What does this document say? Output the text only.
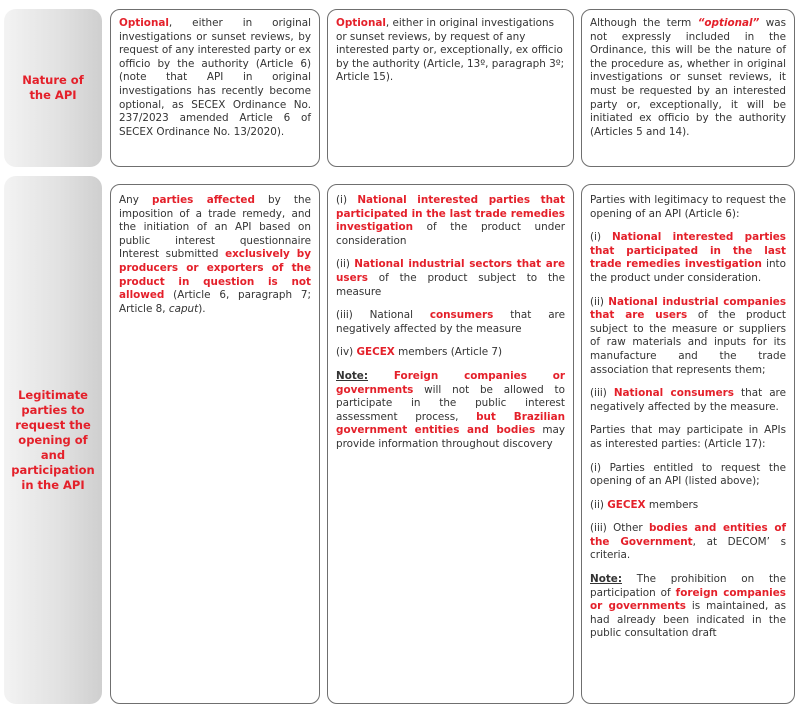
Nature of the API
Optional, either in original investigations or sunset reviews, by request of any interested party or ex officio by the authority (Article 6) (note that API in original investigations has recently become optional, as SECEX Ordinance No. 237/2023 amended Article 6 of SECEX Ordinance No. 13/2020).
Optional, either in original investigations or sunset reviews, by request of any interested party or, exceptionally, ex officio by the authority (Article, 13º, paragraph 3º; Article 15).
Although the term “optional” was not expressly included in the Ordinance, this will be the nature of the procedure as, whether in original investigations or sunset reviews, it must be requested by an interested party or, exceptionally, it will be initiated ex officio by the authority (Articles 5 and 14).
Legitimate parties to request the opening of and participation in the API
Any parties affected by the imposition of a trade remedy, and the initiation of an API based on public interest questionnaire Interest submitted exclusively by producers or exporters of the product in question is not allowed (Article 6, paragraph 7; Article 8, caput).

(i) National interested parties that participated in the last trade remedies investigation of the product under consideration

(ii) National industrial sectors that are users of the product subject to the measure

(iii) National consumers that are negatively affected by the measure

(iv) GECEX members (Article 7)

Note: Foreign companies or governments will not be allowed to participate in the public interest assessment process, but Brazilian government entities and bodies may provide information throughout discovery

Parties with legitimacy to request the opening of an API (Article 6):

(i) National interested parties that participated in the last trade remedies investigation into the product under consideration.

(ii) National industrial companies that are users of the product subject to the measure or suppliers of raw materials and inputs for its manufacture and the trade association that represents them;

(iii) National consumers that are negatively affected by the measure.

Parties that may participate in APIs as interested parties: (Article 17):

(i) Parties entitled to request the opening of an API (listed above);

(ii) GECEX members

(iii) Other bodies and entities of the Government, at DECOM’ s criteria.

Note: The prohibition on the participation of foreign companies or governments is maintained, as had already been indicated in the public consultation draft
